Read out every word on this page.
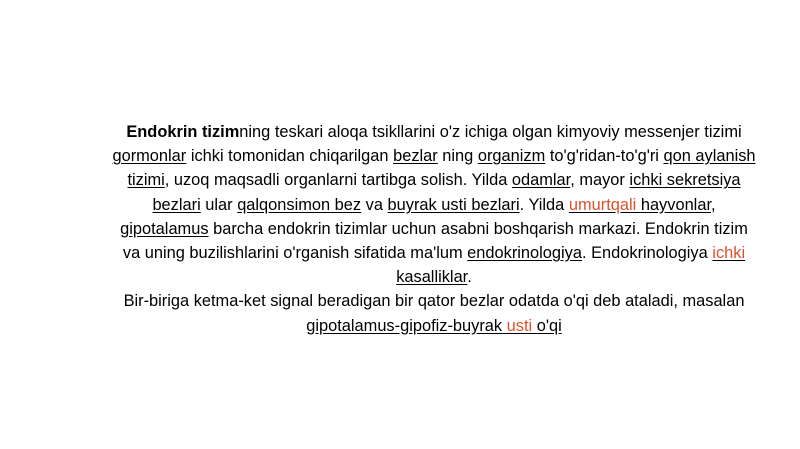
Endokrin tizimning teskari aloqa tsikllarini o'z ichiga olgan kimyoviy messenjer tizimi gormonlar ichki tomonidan chiqarilgan bezlar ning organizm to'g'ridan-to'g'ri qon aylanish tizimi, uzoq maqsadli organlarni tartibga solish. Yilda odamlar, mayor ichki sekretsiya bezlari ular qalqonsimon bez va buyrak usti bezlari. Yilda umurtqali hayvonlar, gipotalamus barcha endokrin tizimlar uchun asabni boshqarish markazi. Endokrin tizim va uning buzilishlarini o'rganish sifatida ma'lum endokrinologiya. Endokrinologiya ichki kasalliklar.

Bir-biriga ketma-ket signal beradigan bir qator bezlar odatda o'qi deb ataladi, masalan gipotalamus-gipofiz-buyrak usti o'qi
